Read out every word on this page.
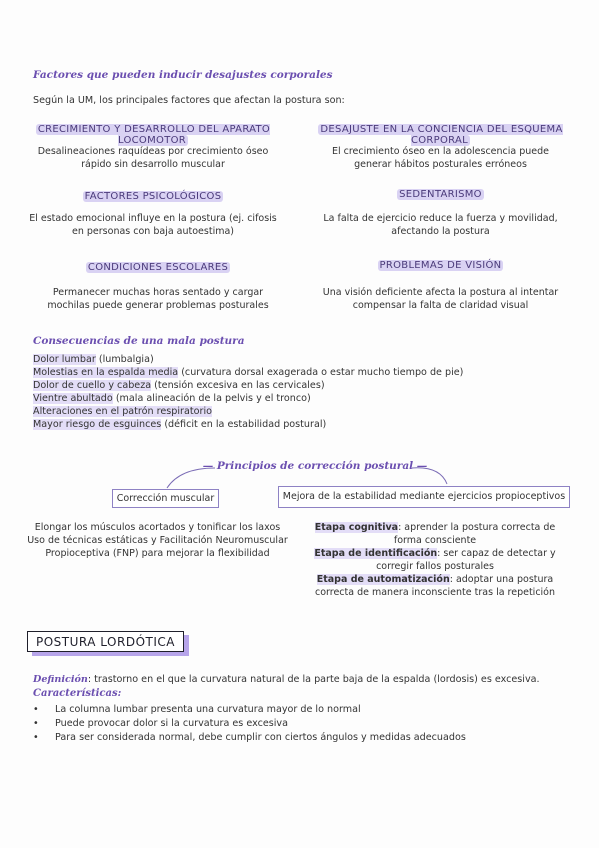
Factores que pueden inducir desajustes corporales
Según la UM, los principales factores que afectan la postura son:
CRECIMIENTO Y DESARROLLO DEL APARATO LOCOMOTOR
Desalineaciones raquídeas por crecimiento óseo
rápido sin desarrollo muscular
DESAJUSTE EN LA CONCIENCIA DEL ESQUEMA CORPORAL
El crecimiento óseo en la adolescencia puede
generar hábitos posturales erróneos
FACTORES PSICOLÓGICOS
El estado emocional influye en la postura (ej. cifosis
en personas con baja autoestima)
SEDENTARISMO
La falta de ejercicio reduce la fuerza y movilidad,
afectando la postura
CONDICIONES ESCOLARES
Permanecer muchas horas sentado y cargar
mochilas puede generar problemas posturales
PROBLEMAS DE VISIÓN
Una visión deficiente afecta la postura al intentar
compensar la falta de claridad visual
Consecuencias de una mala postura
Dolor lumbar (lumbalgia)
Molestias en la espalda media (curvatura dorsal exagerada o estar mucho tiempo de pie)
Dolor de cuello y cabeza (tensión excesiva en las cervicales)
Vientre abultado (mala alineación de la pelvis y el tronco)
Alteraciones en el patrón respiratorio
Mayor riesgo de esguinces (déficit en la estabilidad postural)
— Principios de corrección postural —
Corrección muscular	Mejora de la estabilidad mediante ejercicios propioceptivos
Elongar los músculos acortados y tonificar los laxos
Uso de técnicas estáticas y Facilitación Neuromuscular
Propioceptiva (FNP) para mejorar la flexibilidad
Etapa cognitiva: aprender la postura correcta de
forma consciente
Etapa de identificación: ser capaz de detectar y
corregir fallos posturales
Etapa de automatización: adoptar una postura
correcta de manera inconsciente tras la repetición
POSTURA LORDÓTICA
Definición: trastorno en el que la curvatura natural de la parte baja de la espalda (lordosis) es excesiva.
Características:
• La columna lumbar presenta una curvatura mayor de lo normal
• Puede provocar dolor si la curvatura es excesiva
• Para ser considerada normal, debe cumplir con ciertos ángulos y medidas adecuados
